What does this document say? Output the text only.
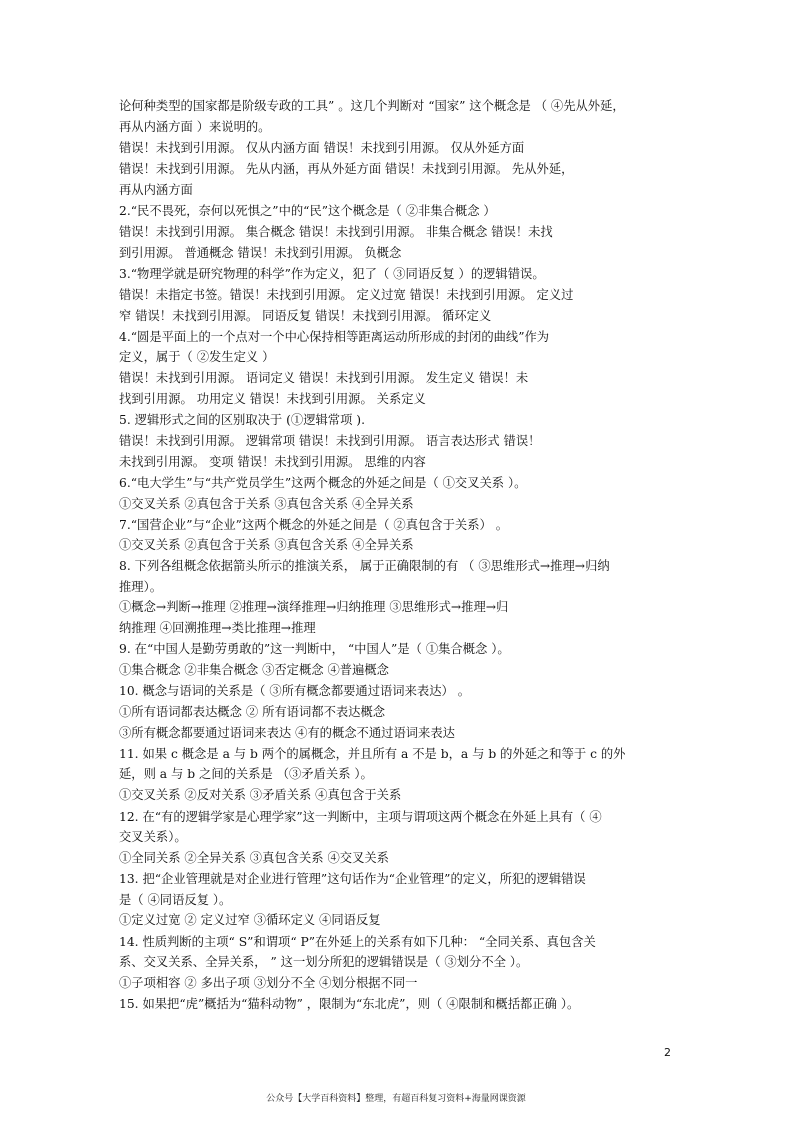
论何种类型的国家都是阶级专政的工具” 。这几个判断对 “国家” 这个概念是 （ ④先从外延，
再从内涵方面 ）来说明的。
错误！未找到引用源。 仅从内涵方面 错误！未找到引用源。 仅从外延方面
错误！未找到引用源。 先从内涵，再从外延方面 错误！未找到引用源。 先从外延，
再从内涵方面
2.“民不畏死，奈何以死惧之”中的“民”这个概念是（ ②非集合概念 ）
错误！未找到引用源。 集合概念 错误！未找到引用源。 非集合概念 错误！未找
到引用源。 普通概念 错误！未找到引用源。 负概念
3.“物理学就是研究物理的科学”作为定义，犯了（ ③同语反复 ）的逻辑错误。
错误！未指定书签。错误！未找到引用源。 定义过宽 错误！未找到引用源。 定义过
窄 错误！未找到引用源。 同语反复 错误！未找到引用源。 循环定义
4.“圆是平面上的一个点对一个中心保持相等距离运动所形成的封闭的曲线”作为
定义，属于（ ②发生定义 ）
错误！未找到引用源。 语词定义 错误！未找到引用源。 发生定义 错误！未
找到引用源。 功用定义 错误！未找到引用源。 关系定义
5. 逻辑形式之间的区别取决于 (①逻辑常项 ).
错误！未找到引用源。 逻辑常项 错误！未找到引用源。 语言表达形式 错误！
未找到引用源。 变项 错误！未找到引用源。 思维的内容
6.“电大学生”与“共产党员学生”这两个概念的外延之间是（ ①交叉关系 ）。
①交叉关系 ②真包含于关系 ③真包含关系 ④全异关系
7.“国营企业”与“企业”这两个概念的外延之间是（ ②真包含于关系） 。
①交叉关系 ②真包含于关系 ③真包含关系 ④全异关系
8. 下列各组概念依据箭头所示的推演关系， 属于正确限制的有 （ ③思维形式→推理→归纳
推理）。
①概念→判断→推理 ②推理→演绎推理→归纳推理 ③思维形式→推理→归
纳推理 ④回溯推理→类比推理→推理
9. 在“中国人是勤劳勇敢的”这一判断中， “中国人”是（ ①集合概念 ）。
①集合概念 ②非集合概念 ③否定概念 ④普遍概念
10. 概念与语词的关系是（ ③所有概念都要通过语词来表达） 。
①所有语词都表达概念 ② 所有语词都不表达概念
③所有概念都要通过语词来表达 ④有的概念不通过语词来表达
11. 如果 c 概念是 a 与 b 两个的属概念，并且所有 a 不是 b，a 与 b 的外延之和等于 c 的外
延，则 a 与 b 之间的关系是 （③矛盾关系 ）。
①交叉关系 ②反对关系 ③矛盾关系 ④真包含于关系
12. 在“有的逻辑学家是心理学家”这一判断中，主项与谓项这两个概念在外延上具有（ ④
交叉关系）。
①全同关系 ②全异关系 ③真包含关系 ④交叉关系
13. 把“企业管理就是对企业进行管理”这句话作为“企业管理”的定义，所犯的逻辑错误
是（ ④同语反复 ）。
①定义过宽 ② 定义过窄 ③循环定义 ④同语反复
14. 性质判断的主项“ S”和谓项“ P”在外延上的关系有如下几种： “全同关系、真包含关
系、交叉关系、全异关系， ” 这一划分所犯的逻辑错误是（ ③划分不全 ）。
①子项相容 ② 多出子项 ③划分不全 ④划分根据不同一
15. 如果把“虎”概括为“猫科动物” ，限制为“东北虎”，则（ ④限制和概括都正确 ）。
2
公众号【大学百科资料】整理，有超百科复习资料+海量网课资源
